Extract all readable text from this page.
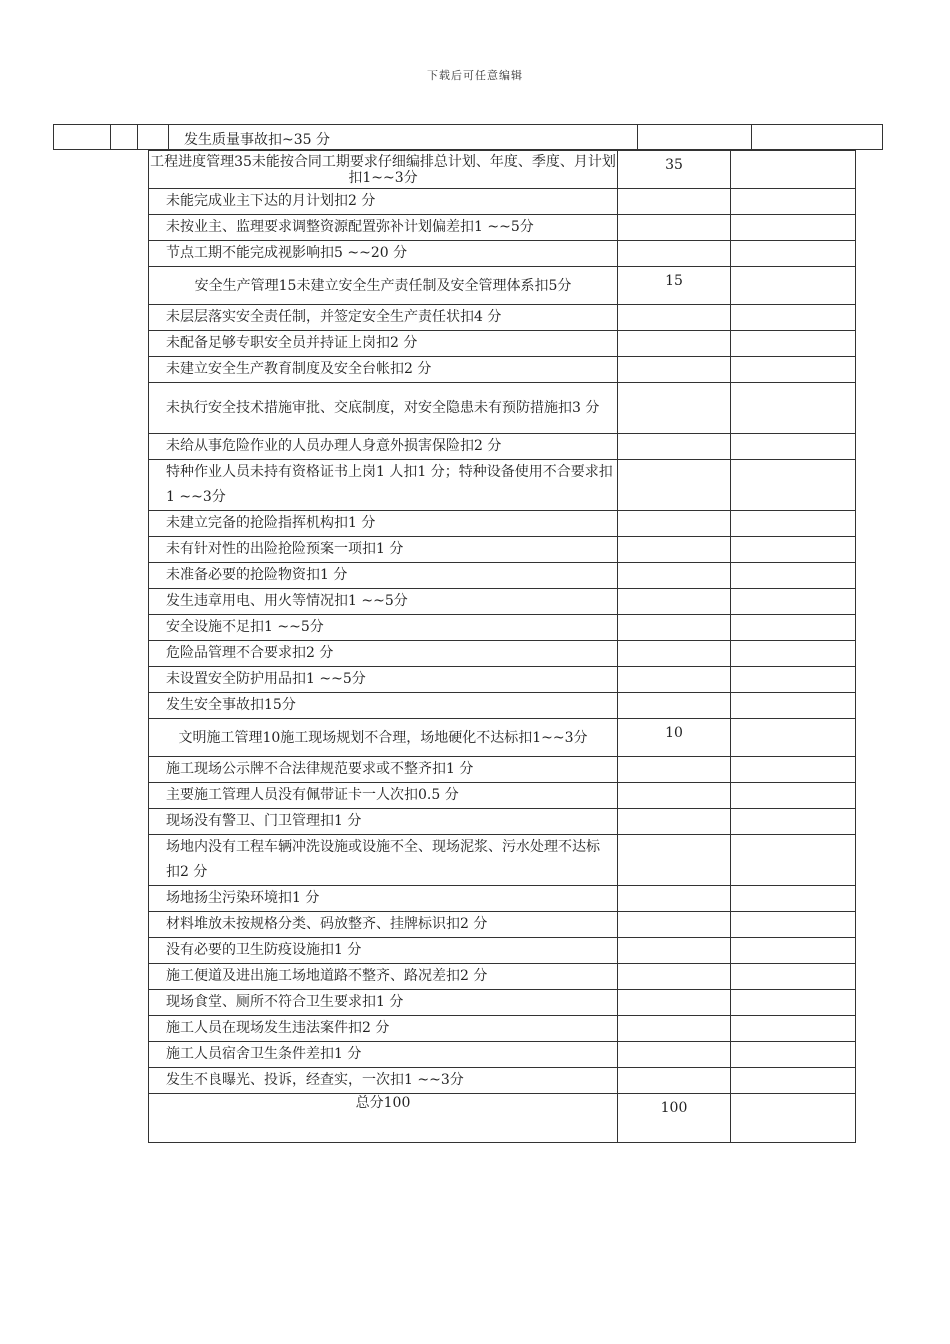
下载后可任意编辑
发生质量事故扣~35 分
工程进度管理35未能按合同工期要求仔细编排总计划、年度、季度、月计划扣1~~3分	35	
未能完成业主下达的月计划扣2 分		
未按业主、监理要求调整资源配置弥补计划偏差扣1 ~~5分		
节点工期不能完成视影响扣5 ~~20 分		
安全生产管理15未建立安全生产责任制及安全管理体系扣5分	15	
未层层落实安全责任制，并签定安全生产责任状扣4 分		
未配备足够专职安全员并持证上岗扣2 分		
未建立安全生产教育制度及安全台帐扣2 分		
未执行安全技术措施审批、交底制度，对安全隐患未有预防措施扣3 分		
未给从事危险作业的人员办理人身意外损害保险扣2 分		
特种作业人员未持有资格证书上岗1 人扣1 分；特种设备使用不合要求扣1 ~~3分		
未建立完备的抢险指挥机构扣1 分		
未有针对性的出险抢险预案一项扣1 分		
未准备必要的抢险物资扣1 分		
发生违章用电、用火等情况扣1 ~~5分		
安全设施不足扣1 ~~5分		
危险品管理不合要求扣2 分		
未设置安全防护用品扣1 ~~5分		
发生安全事故扣15分		
文明施工管理10施工现场规划不合理，场地硬化不达标扣1~~3分	10	
施工现场公示牌不合法律规范要求或不整齐扣1 分		
主要施工管理人员没有佩带证卡一人次扣0.5 分		
现场没有警卫、门卫管理扣1 分		
场地内没有工程车辆冲洗设施或设施不全、现场泥浆、污水处理不达标扣2 分		
场地扬尘污染环境扣1 分		
材料堆放未按规格分类、码放整齐、挂牌标识扣2 分		
没有必要的卫生防疫设施扣1 分		
施工便道及进出施工场地道路不整齐、路况差扣2 分		
现场食堂、厕所不符合卫生要求扣1 分		
施工人员在现场发生违法案件扣2 分		
施工人员宿舍卫生条件差扣1 分		
发生不良曝光、投诉，经查实，一次扣1 ~~3分		
总分100	100	
